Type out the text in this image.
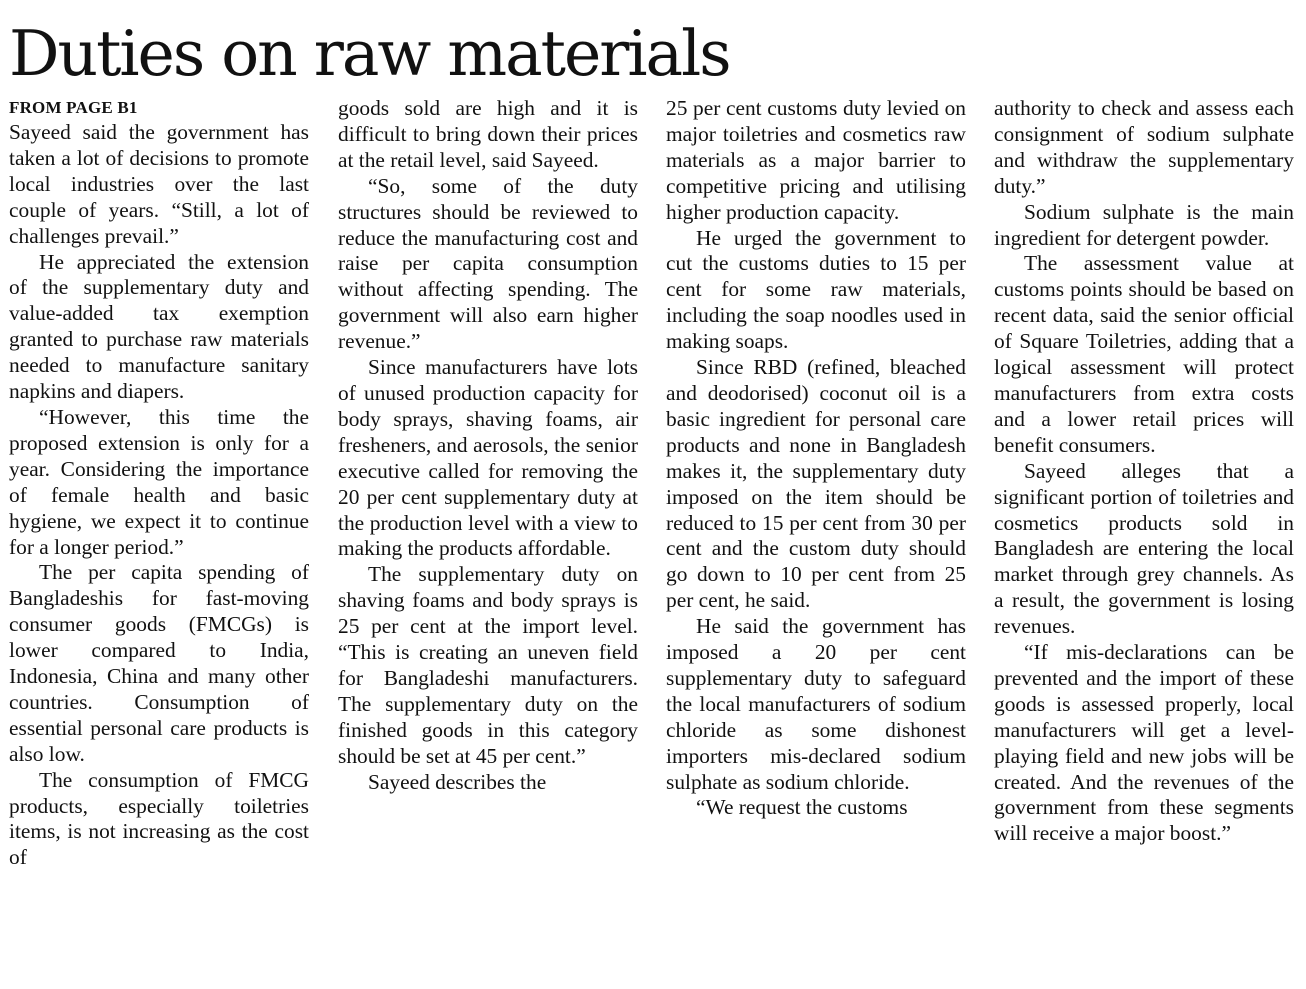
Duties on raw materials
FROM PAGE B1

Sayeed said the government has taken a lot of decisions to promote local industries over the last couple of years. “Still, a lot of challenges prevail.”

He appreciated the extension of the supplementary duty and value-added tax exemption granted to purchase raw materials needed to manufacture sanitary napkins and diapers.

“However, this time the proposed extension is only for a year. Considering the importance of female health and basic hygiene, we expect it to continue for a longer period.”

The per capita spending of Bangladeshis for fast-moving consumer goods (FMCGs) is lower compared to India, Indonesia, China and many other countries. Consumption of essential personal care products is also low.

The consumption of FMCG products, especially toiletries items, is not increasing as the cost of

goods sold are high and it is difficult to bring down their prices at the retail level, said Sayeed.

“So, some of the duty structures should be reviewed to reduce the manufacturing cost and raise per capita consumption without affecting spending. The government will also earn higher revenue.”

Since manufacturers have lots of unused production capacity for body sprays, shaving foams, air fresheners, and aerosols, the senior executive called for removing the 20 per cent supplementary duty at the production level with a view to making the products affordable.

The supplementary duty on shaving foams and body sprays is 25 per cent at the import level. “This is creating an uneven field for Bangladeshi manufacturers. The supplementary duty on the finished goods in this category should be set at 45 per cent.”

Sayeed describes the

25 per cent customs duty levied on major toiletries and cosmetics raw materials as a major barrier to competitive pricing and utilising higher production capacity.

He urged the government to cut the customs duties to 15 per cent for some raw materials, including the soap noodles used in making soaps.

Since RBD (refined, bleached and deodorised) coconut oil is a basic ingredient for personal care products and none in Bangladesh makes it, the supplementary duty imposed on the item should be reduced to 15 per cent from 30 per cent and the custom duty should go down to 10 per cent from 25 per cent, he said.

He said the government has imposed a 20 per cent supplementary duty to safeguard the local manufacturers of sodium chloride as some dishonest importers mis-declared sodium sulphate as sodium chloride.

“We request the customs

authority to check and assess each consignment of sodium sulphate and withdraw the supplementary duty.”

Sodium sulphate is the main ingredient for detergent powder.

The assessment value at customs points should be based on recent data, said the senior official of Square Toiletries, adding that a logical assessment will protect manufacturers from extra costs and a lower retail prices will benefit consumers.

Sayeed alleges that a significant portion of toiletries and cosmetics products sold in Bangladesh are entering the local market through grey channels. As a result, the government is losing revenues.

“If mis-declarations can be prevented and the import of these goods is assessed properly, local manufacturers will get a level-playing field and new jobs will be created. And the revenues of the government from these segments will receive a major boost.”
